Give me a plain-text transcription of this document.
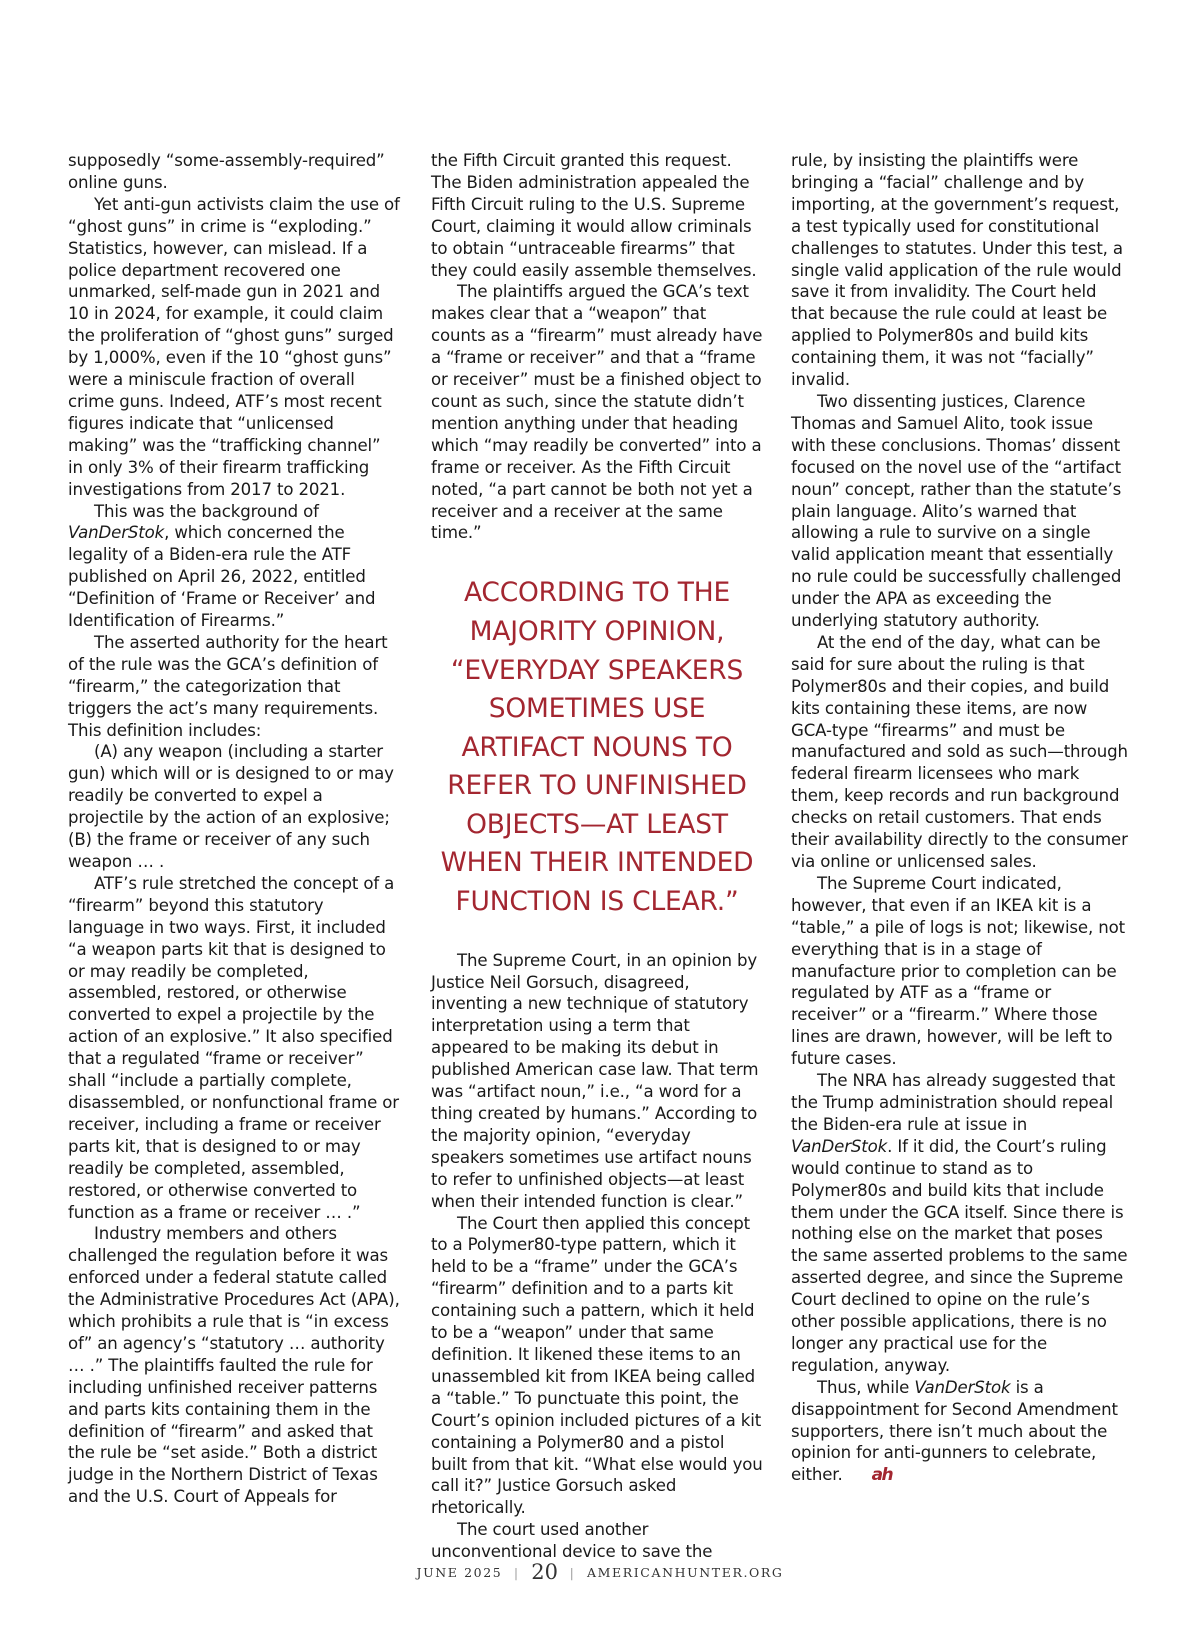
supposedly “some-assembly-required” online guns.

Yet anti-gun activists claim the use of “ghost guns” in crime is “exploding.” Statistics, however, can mislead. If a police department recovered one unmarked, self-made gun in 2021 and 10 in 2024, for example, it could claim the proliferation of “ghost guns” surged by 1,000%, even if the 10 “ghost guns” were a miniscule fraction of overall crime guns. Indeed, ATF’s most recent figures indicate that “unlicensed making” was the “trafficking channel” in only 3% of their firearm trafficking investigations from 2017 to 2021.

This was the background of
VanDerStok, which concerned the legality of a Biden-era rule the ATF published on April 26, 2022, entitled “Definition of ‘Frame or Receiver’ and Identification of Firearms.”

The asserted authority for the heart of the rule was the GCA’s definition of “firearm,” the categorization that triggers the act’s many requirements. This definition includes:

(A) any weapon (including a starter gun) which will or is designed to or may readily be converted to expel a projectile by the action of an explosive; (B) the frame or receiver of any such weapon … .

ATF’s rule stretched the concept of a “firearm” beyond this statutory language in two ways. First, it included “a weapon parts kit that is designed to or may readily be completed, assembled, restored, or otherwise converted to expel a projectile by the action of an explosive.” It also specified that a regulated “frame or receiver” shall “include a partially complete, disassembled, or nonfunctional frame or receiver, including a frame or receiver parts kit, that is designed to or may readily be completed, assembled, restored, or otherwise converted to function as a frame or receiver … .”

Industry members and others challenged the regulation before it was enforced under a federal statute called the Administrative Procedures Act (APA), which prohibits a rule that is “in excess of” an agency’s “statutory … authority … .” The plaintiffs faulted the rule for including unfinished receiver patterns and parts kits containing them in the definition of “firearm” and asked that the rule be “set aside.” Both a district judge in the Northern District of Texas and the U.S. Court of Appeals for

the Fifth Circuit granted this request. The Biden administration appealed the Fifth Circuit ruling to the U.S. Supreme Court, claiming it would allow criminals to obtain “untraceable firearms” that they could easily assemble themselves.

The plaintiffs argued the GCA’s text makes clear that a “weapon” that counts as a “firearm” must already have a “frame or receiver” and that a “frame or receiver” must be a finished object to count as such, since the statute didn’t mention anything under that heading which “may readily be converted” into a frame or receiver. As the Fifth Circuit noted, “a part cannot be both not yet a receiver and a receiver at the same time.”

ACCORDING TO THE MAJORITY OPINION, “EVERYDAY SPEAKERS SOMETIMES USE ARTIFACT NOUNS TO REFER TO UNFINISHED OBJECTS—AT LEAST WHEN THEIR INTENDED FUNCTION IS CLEAR.”

The Supreme Court, in an opinion by Justice Neil Gorsuch, disagreed, inventing a new technique of statutory interpretation using a term that appeared to be making its debut in published American case law. That term was “artifact noun,” i.e., “a word for a thing created by humans.” According to the majority opinion, “everyday speakers sometimes use artifact nouns to refer to unfinished objects—at least when their intended function is clear.”

The Court then applied this concept to a Polymer80-type pattern, which it held to be a “frame” under the GCA’s “firearm” definition and to a parts kit containing such a pattern, which it held to be a “weapon” under that same definition. It likened these items to an unassembled kit from IKEA being called a “table.” To punctuate this point, the Court’s opinion included pictures of a kit containing a Polymer80 and a pistol built from that kit. “What else would you call it?” Justice Gorsuch asked rhetorically.

The court used another unconventional device to save the

rule, by insisting the plaintiffs were bringing a “facial” challenge and by importing, at the government’s request, a test typically used for constitutional challenges to statutes. Under this test, a single valid application of the rule would save it from invalidity. The Court held that because the rule could at least be applied to Polymer80s and build kits containing them, it was not “facially” invalid.

Two dissenting justices, Clarence Thomas and Samuel Alito, took issue with these conclusions. Thomas’ dissent focused on the novel use of the “artifact noun” concept, rather than the statute’s plain language. Alito’s warned that allowing a rule to survive on a single valid application meant that essentially no rule could be successfully challenged under the APA as exceeding the underlying statutory authority.

At the end of the day, what can be said for sure about the ruling is that Polymer80s and their copies, and build kits containing these items, are now GCA-type “firearms” and must be manufactured and sold as such—through federal firearm licensees who mark them, keep records and run background checks on retail customers. That ends their availability directly to the consumer via online or unlicensed sales.

The Supreme Court indicated, however, that even if an IKEA kit is a “table,” a pile of logs is not; likewise, not everything that is in a stage of manufacture prior to completion can be regulated by ATF as a “frame or receiver” or a “firearm.” Where those lines are drawn, however, will be left to future cases.

The NRA has already suggested that the Trump administration should repeal the Biden-era rule at issue in VanDerStok. If it did, the Court’s ruling would continue to stand as to Polymer80s and build kits that include them under the GCA itself. Since there is nothing else on the market that poses the same asserted problems to the same asserted degree, and since the Supreme Court declined to opine on the rule’s other possible applications, there is no longer any practical use for the regulation, anyway.

Thus, while VanDerStok is a disappointment for Second Amendment supporters, there isn’t much about the opinion for anti-gunners to celebrate, either. ah

JUNE 2025 | 20 | AMERICANHUNTER.ORG
